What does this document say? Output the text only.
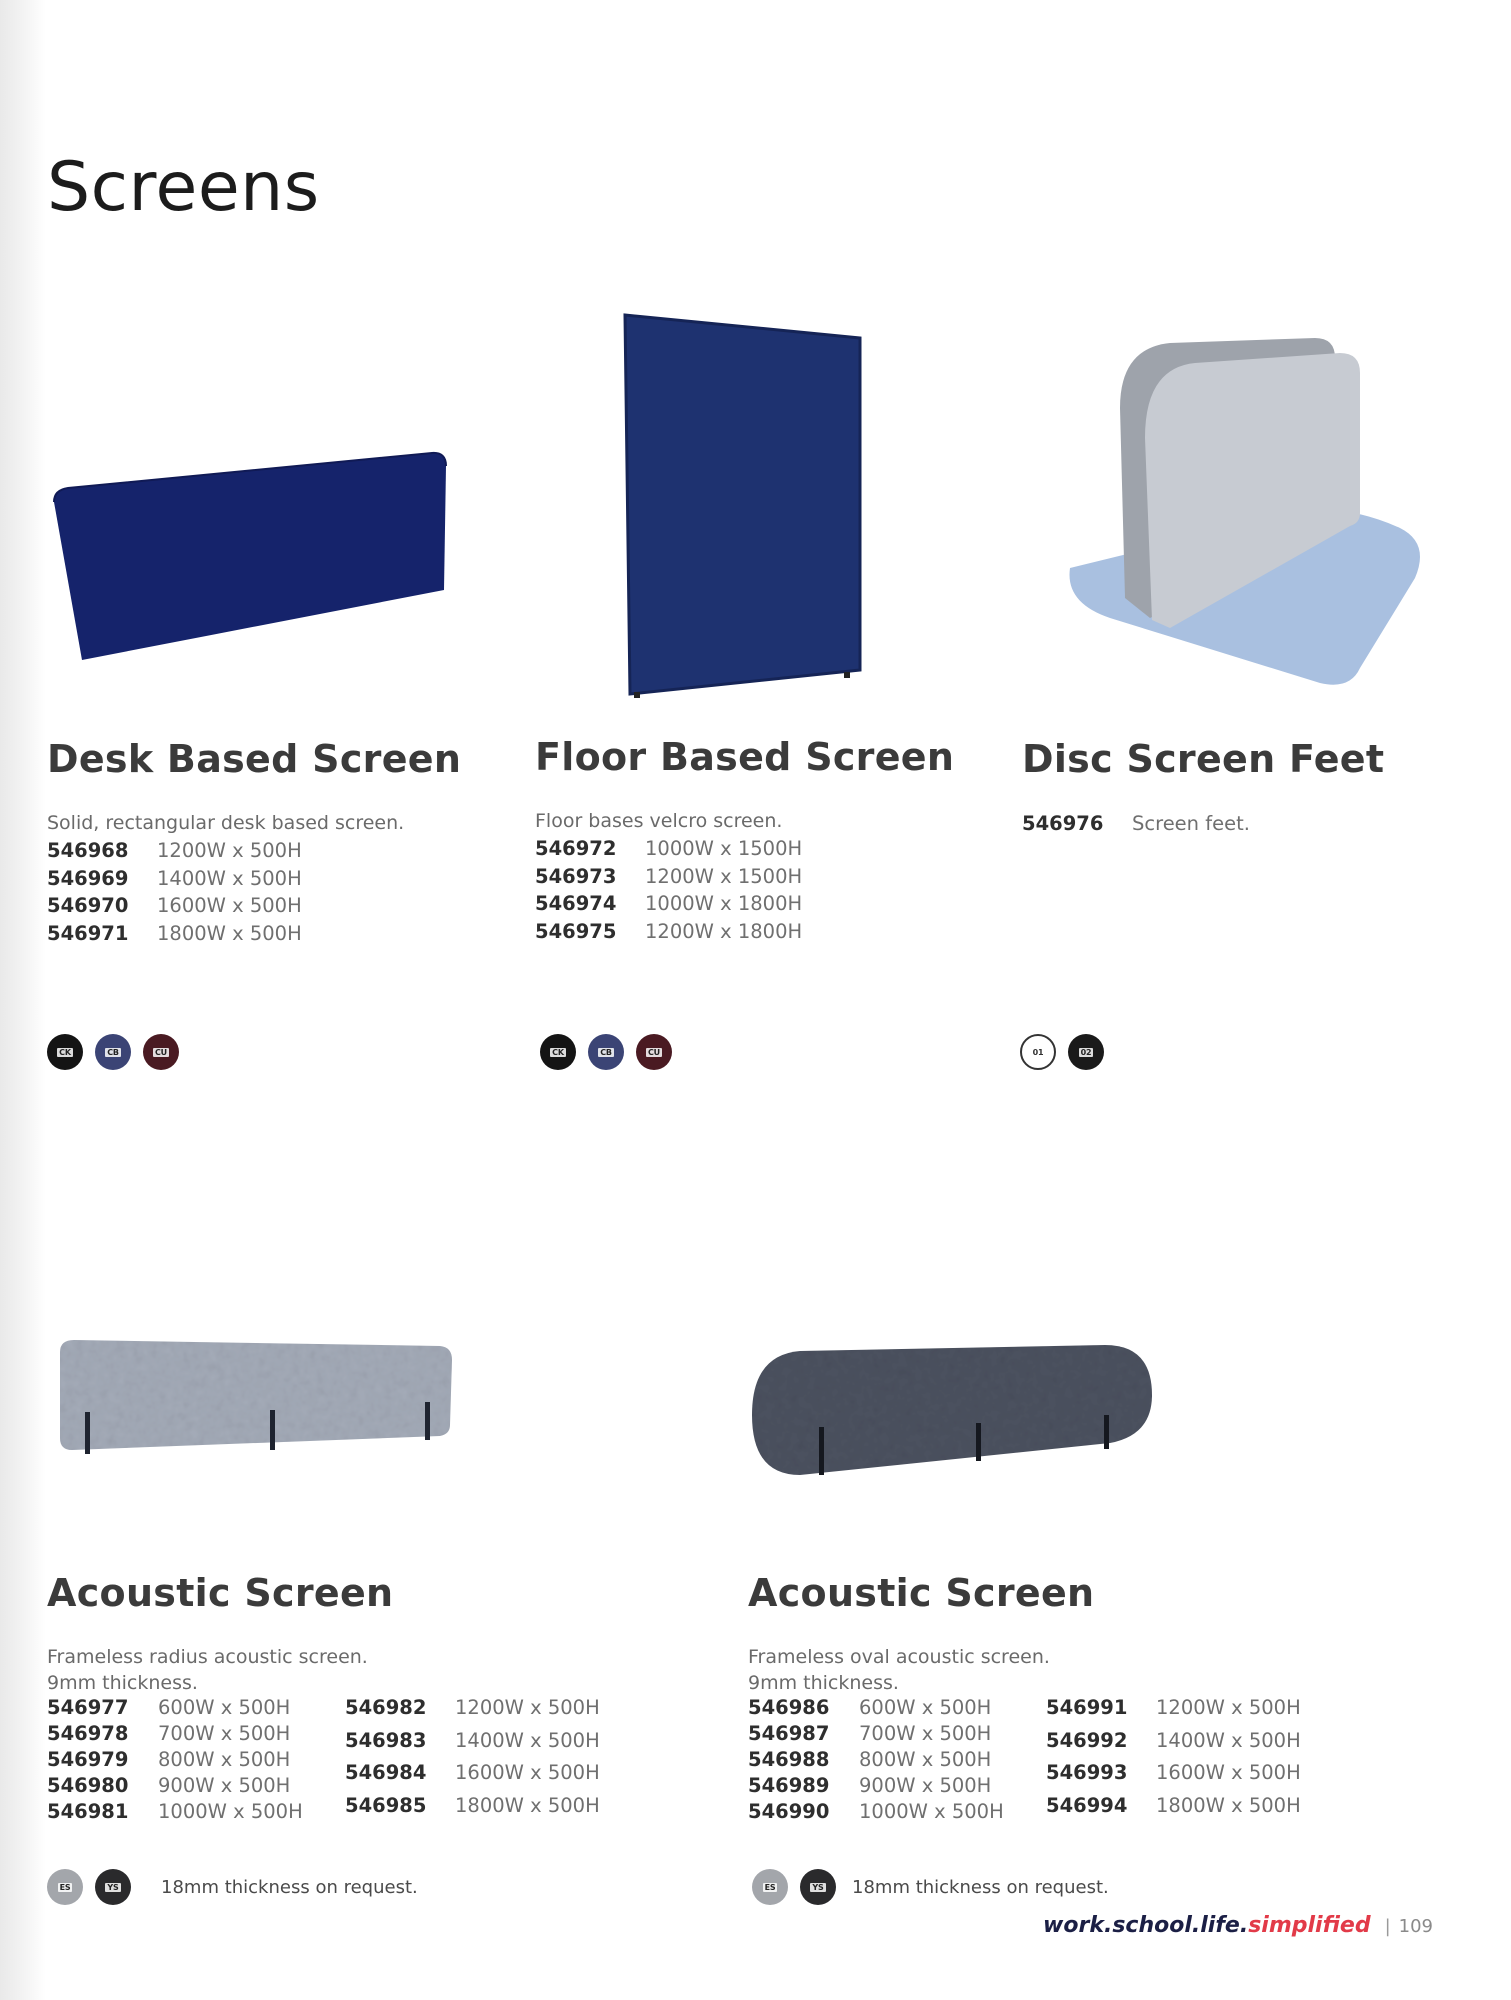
Screens
Desk Based Screen
Solid, rectangular desk based screen.
546968	1200W x 500H
546969	1400W x 500H
546970	1600W x 500H
546971	1800W x 500H
Floor Based Screen
Floor bases velcro screen.
546972	1000W x 1500H
546973	1200W x 1500H
546974	1000W x 1800H
546975	1200W x 1800H
Disc Screen Feet
546976	Screen feet.
CK	CB	CU	CK	CB	CU	01	02
Acoustic Screen
Frameless radius acoustic screen.
9mm thickness.
546977	600W x 500H
546978	700W x 500H
546979	800W x 500H
546980	900W x 500H
546981	1000W x 500H
546982	1200W x 500H
546983	1400W x 500H
546984	1600W x 500H
546985	1800W x 500H
Acoustic Screen
Frameless oval acoustic screen.
9mm thickness.
546986	600W x 500H
546987	700W x 500H
546988	800W x 500H
546989	900W x 500H
546990	1000W x 500H
546991	1200W x 500H
546992	1400W x 500H
546993	1600W x 500H
546994	1800W x 500H
ES	YS 18mm thickness on request.	ES	YS 18mm thickness on request.
work.school.life. simplified | 109
